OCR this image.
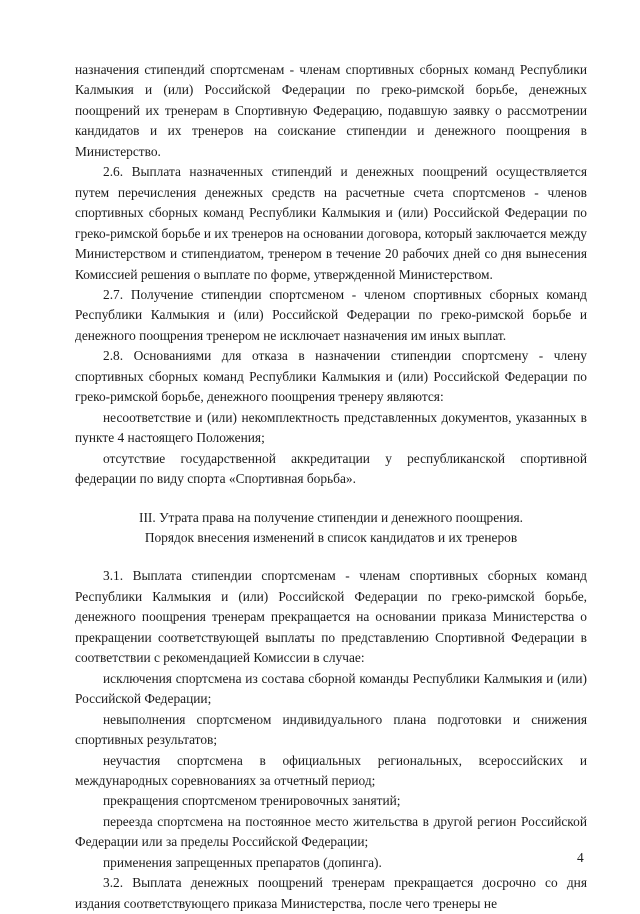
назначения стипендий спортсменам - членам спортивных сборных команд Республики Калмыкия и (или) Российской Федерации по греко-римской борьбе, денежных поощрений их тренерам в Спортивную Федерацию, подавшую заявку о рассмотрении кандидатов и их тренеров на соискание стипендии и денежного поощрения в Министерство.

2.6. Выплата назначенных стипендий и денежных поощрений осуществляется путем перечисления денежных средств на расчетные счета спортсменов - членов спортивных сборных команд Республики Калмыкия и (или) Российской Федерации по греко-римской борьбе и их тренеров на основании договора, который заключается между Министерством и стипендиатом, тренером в течение 20 рабочих дней со дня вынесения Комиссией решения о выплате по форме, утвержденной Министерством.

2.7. Получение стипендии спортсменом - членом спортивных сборных команд Республики Калмыкия и (или) Российской Федерации по греко-римской борьбе и денежного поощрения тренером не исключает назначения им иных выплат.

2.8. Основаниями для отказа в назначении стипендии спортсмену - члену спортивных сборных команд Республики Калмыкия и (или) Российской Федерации по греко-римской борьбе, денежного поощрения тренеру являются:

несоответствие и (или) некомплектность представленных документов, указанных в пункте 4 настоящего Положения;

отсутствие государственной аккредитации у республиканской спортивной федерации по виду спорта «Спортивная борьба».

III. Утрата права на получение стипендии и денежного поощрения.
Порядок внесения изменений в список кандидатов и их тренеров

3.1. Выплата стипендии спортсменам - членам спортивных сборных команд Республики Калмыкия и (или) Российской Федерации по греко-римской борьбе, денежного поощрения тренерам прекращается на основании приказа Министерства о прекращении соответствующей выплаты по представлению Спортивной Федерации в соответствии с рекомендацией Комиссии в случае:

исключения спортсмена из состава сборной команды Республики Калмыкия и (или) Российской Федерации;

невыполнения спортсменом индивидуального плана подготовки и снижения спортивных результатов;

неучастия спортсмена в официальных региональных, всероссийских и международных соревнованиях за отчетный период;

прекращения спортсменом тренировочных занятий;

переезда спортсмена на постоянное место жительства в другой регион Российской Федерации или за пределы Российской Федерации;

применения запрещенных препаратов (допинга).

3.2. Выплата денежных поощрений тренерам прекращается досрочно со дня издания соответствующего приказа Министерства, после чего тренеры не

4
